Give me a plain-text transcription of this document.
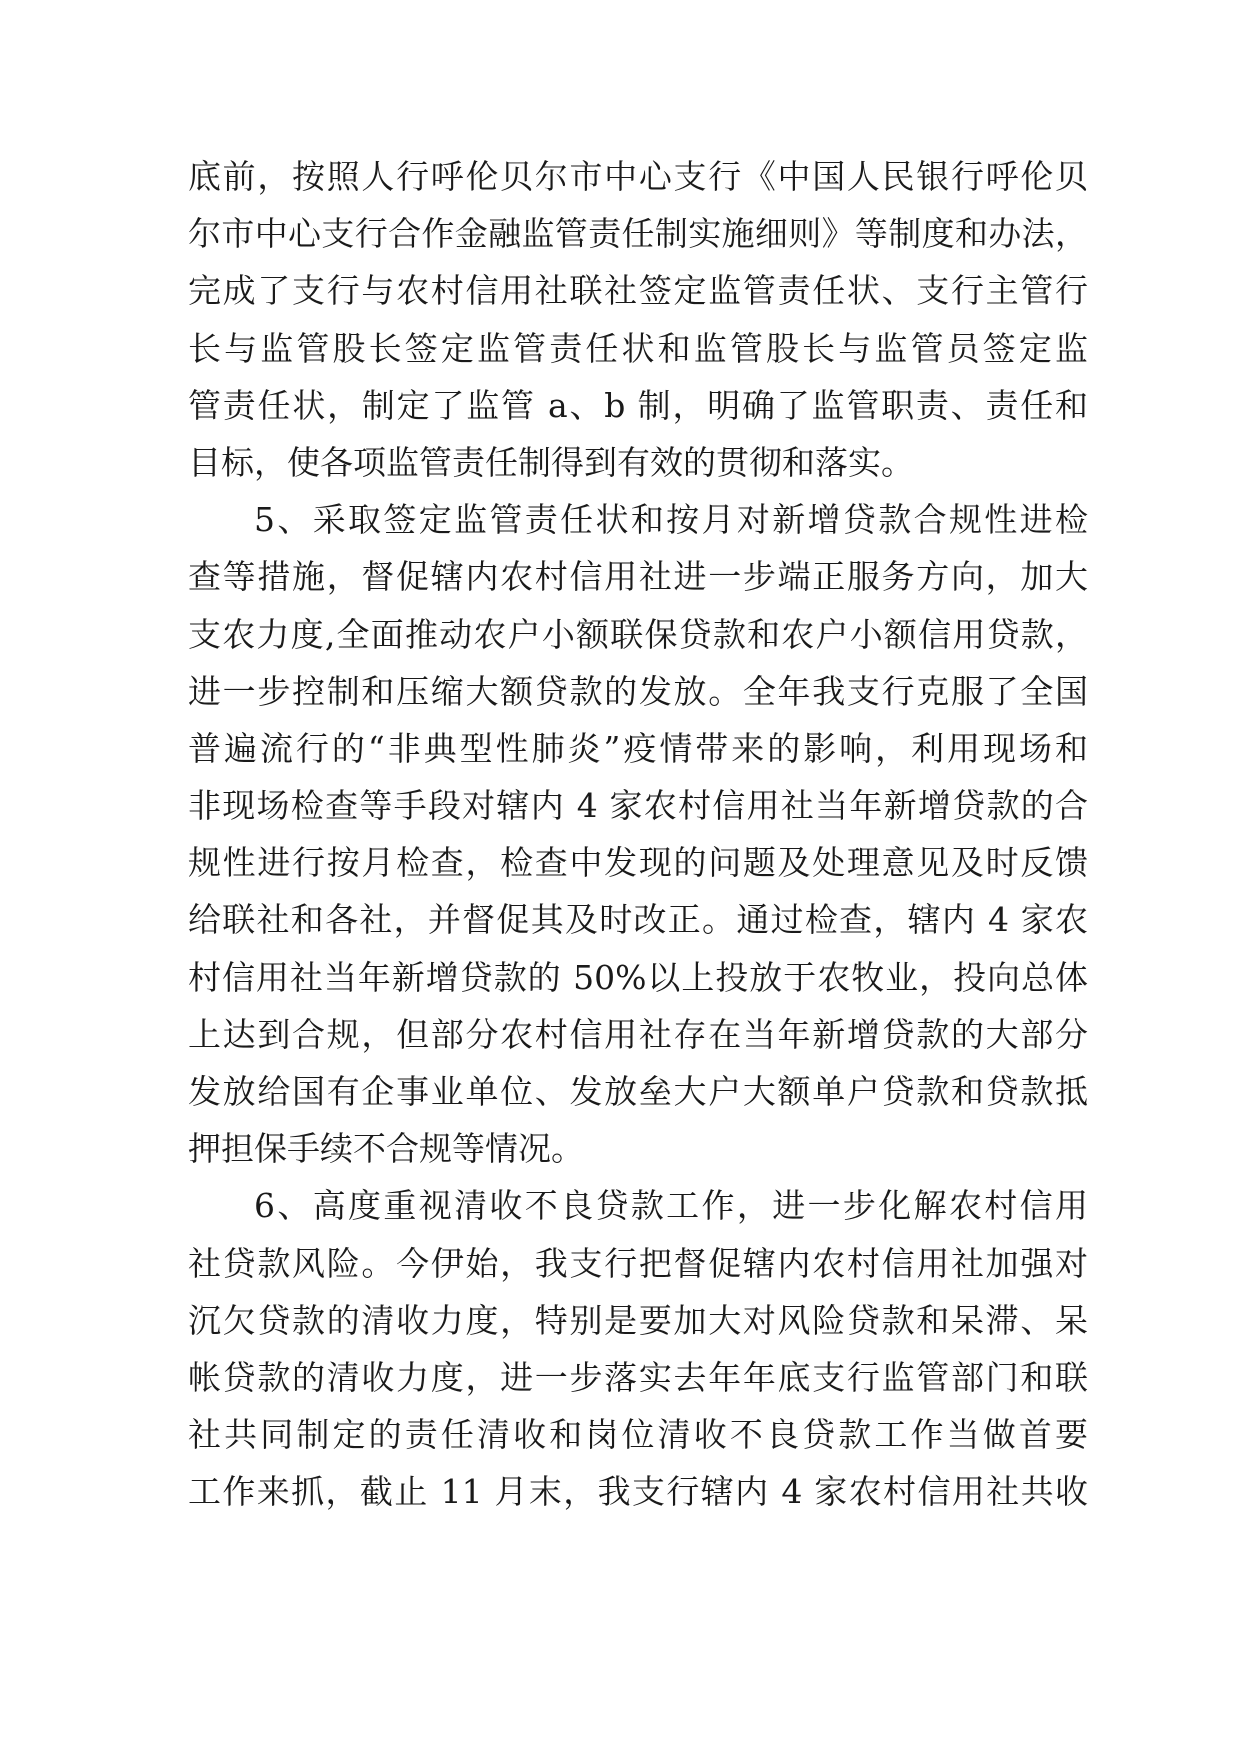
底前，按照人行呼伦贝尔市中心支行《中国人民银行呼伦贝
尔市中心支行合作金融监管责任制实施细则》等制度和办法，
完成了支行与农村信用社联社签定监管责任状、支行主管行
长与监管股长签定监管责任状和监管股长与监管员签定监
管责任状，制定了监管 a、b 制，明确了监管职责、责任和
目标，使各项监管责任制得到有效的贯彻和落实。
5、采取签定监管责任状和按月对新增贷款合规性进检
查等措施，督促辖内农村信用社进一步端正服务方向，加大
支农力度,全面推动农户小额联保贷款和农户小额信用贷款，
进一步控制和压缩大额贷款的发放。全年我支行克服了全国
普遍流行的“非典型性肺炎”疫情带来的影响，利用现场和
非现场检查等手段对辖内 4 家农村信用社当年新增贷款的合
规性进行按月检查，检查中发现的问题及处理意见及时反馈
给联社和各社，并督促其及时改正。通过检查，辖内 4 家农
村信用社当年新增贷款的 50%以上投放于农牧业，投向总体
上达到合规，但部分农村信用社存在当年新增贷款的大部分
发放给国有企事业单位、发放垒大户大额单户贷款和贷款抵
押担保手续不合规等情况。
6、高度重视清收不良贷款工作，进一步化解农村信用
社贷款风险。今伊始，我支行把督促辖内农村信用社加强对
沉欠贷款的清收力度，特别是要加大对风险贷款和呆滞、呆
帐贷款的清收力度，进一步落实去年年底支行监管部门和联
社共同制定的责任清收和岗位清收不良贷款工作当做首要
工作来抓，截止 11 月末，我支行辖内 4 家农村信用社共收
